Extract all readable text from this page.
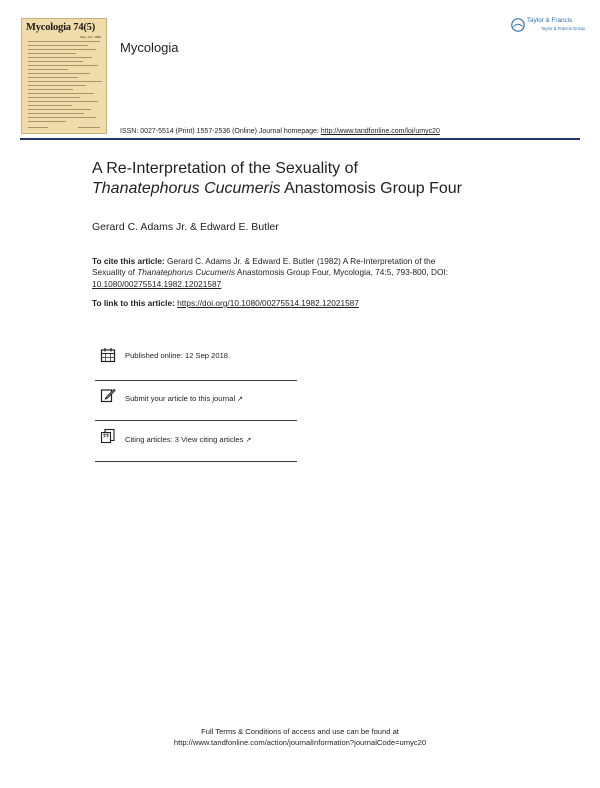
Mycologia 74(5)
Sept.-Oct. 1982
Mycologia
Taylor & Francis
Taylor & Francis Group
ISSN: 0027-5514 (Print) 1557-2536 (Online) Journal homepage: http://www.tandfonline.com/loi/umyc20
A Re-Interpretation of the Sexuality of
Thanatephorus Cucumeris Anastomosis Group Four
Gerard C. Adams Jr. & Edward E. Butler
To cite this article: Gerard C. Adams Jr. & Edward E. Butler (1982) A Re-Interpretation of the
Sexuality of Thanatephorus Cucumeris Anastomosis Group Four, Mycologia, 74:5, 793-800, DOI:
10.1080/00275514.1982.12021587
To link to this article: https://doi.org/10.1080/00275514.1982.12021587
Published online: 12 Sep 2018.
Submit your article to this journal ↗
Citing articles: 3 View citing articles ↗
Full Terms & Conditions of access and use can be found at
http://www.tandfonline.com/action/journalInformation?journalCode=umyc20
